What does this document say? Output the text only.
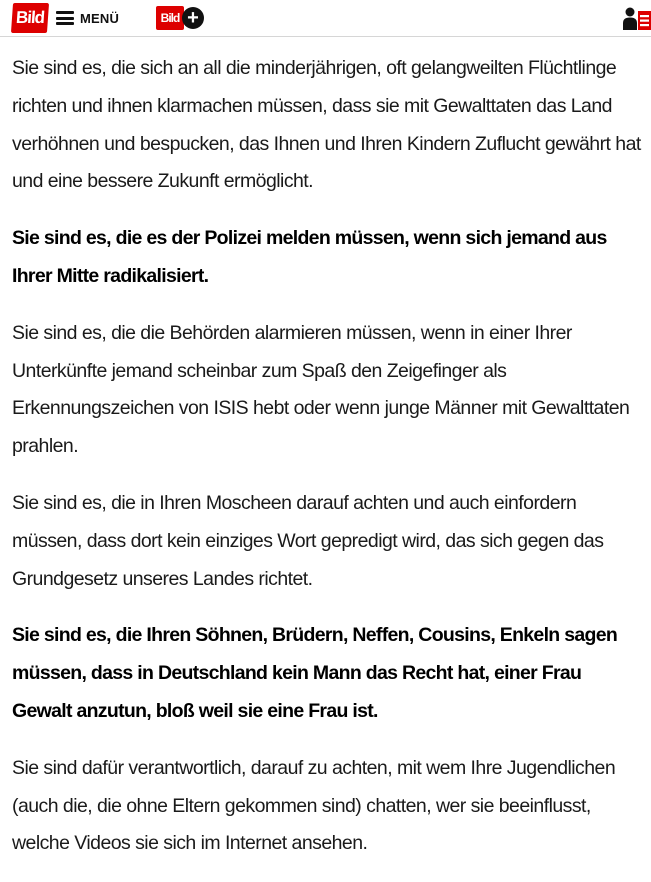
Bild	MENÜ	Bild +

Sie sind es, die sich an all die minderjährigen, oft gelangweilten Flüchtlinge richten und ihnen klarmachen müssen, dass sie mit Gewalttaten das Land verhöhnen und bespucken, das Ihnen und Ihren Kindern Zuflucht gewährt hat und eine bessere Zukunft ermöglicht.

Sie sind es, die es der Polizei melden müssen, wenn sich jemand aus Ihrer Mitte radikalisiert.

Sie sind es, die die Behörden alarmieren müssen, wenn in einer Ihrer Unterkünfte jemand scheinbar zum Spaß den Zeigefinger als Erkennungszeichen von ISIS hebt oder wenn junge Männer mit Gewalttaten prahlen.

Sie sind es, die in Ihren Moscheen darauf achten und auch einfordern müssen, dass dort kein einziges Wort gepredigt wird, das sich gegen das Grundgesetz unseres Landes richtet.

Sie sind es, die Ihren Söhnen, Brüdern, Neffen, Cousins, Enkeln sagen müssen, dass in Deutschland kein Mann das Recht hat, einer Frau Gewalt anzutun, bloß weil sie eine Frau ist.

Sie sind dafür verantwortlich, darauf zu achten, mit wem Ihre Jugendlichen (auch die, die ohne Eltern gekommen sind) chatten, wer sie beeinflusst, welche Videos sie sich im Internet ansehen.
